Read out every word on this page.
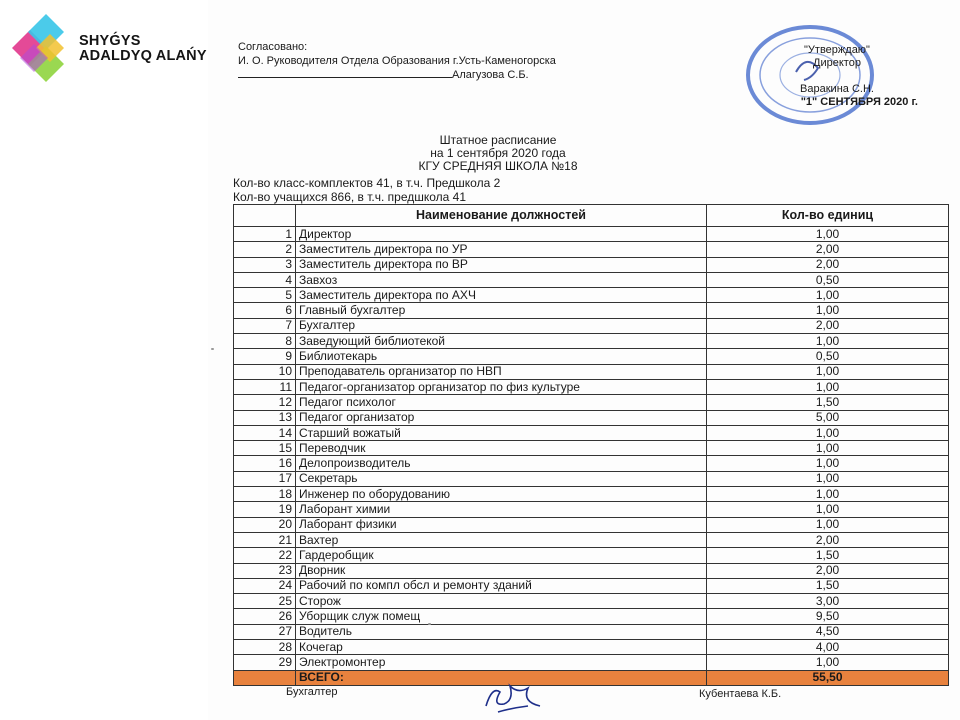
SHYǴYS
ADALDYQ ALAŃY
Согласовано:
И. О. Руководителя Отдела Образования г.Усть-Каменогорска
Алагузова С.Б.
"Утверждаю"
Директор
Варакина С.Н.
"1" СЕНТЯБРЯ 2020 г.
Штатное расписание
на 1 сентября 2020 года
КГУ СРЕДНЯЯ ШКОЛА №18
Кол-во класс-комплектов 41, в т.ч. Предшкола 2
Кол-во учащихся 866, в т.ч. предшкола 41
	Наименование должностей	Кол-во единиц
1	Директор	1,00
2	Заместитель директора по УР	2,00
3	Заместитель директора по ВР	2,00
4	Завхоз	0,50
5	Заместитель директора по АХЧ	1,00
6	Главный бухгалтер	1,00
7	Бухгалтер	2,00
8	Заведующий библиотекой	1,00
9	Библиотекарь	0,50
10	Преподаватель организатор по НВП	1,00
11	Педагог-организатор организатор по физ культуре	1,00
12	Педагог психолог	1,50
13	Педагог организатор	5,00
14	Старший вожатый	1,00
15	Переводчик	1,00
16	Делопроизводитель	1,00
17	Секретарь	1,00
18	Инженер по оборудованию	1,00
19	Лаборант химии	1,00
20	Лаборант физики	1,00
21	Вахтер	2,00
22	Гардеробщик	1,50
23	Дворник	2,00
24	Рабочий по компл обсл и ремонту зданий	1,50
25	Сторож	3,00
26	Уборщик служ помещ	9,50
27	Водитель	4,50
28	Кочегар	4,00
29	Электромонтер	1,00
	ВСЕГО:	55,50
Бухгалтер	Кубентаева К.Б.
